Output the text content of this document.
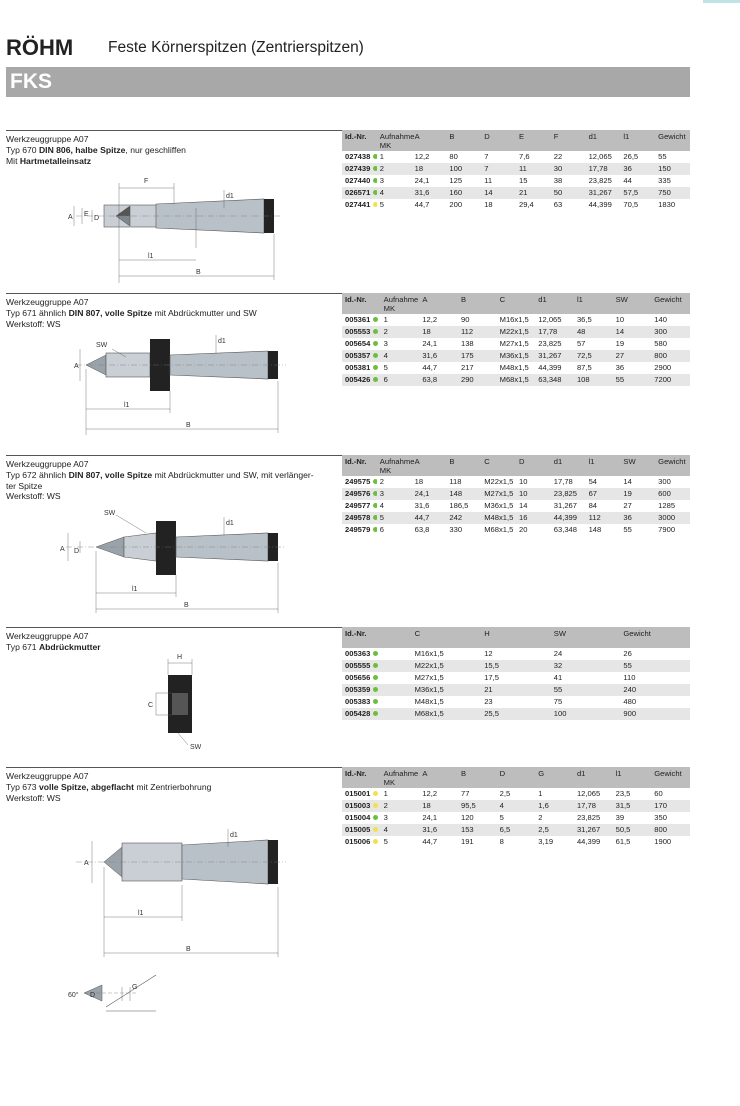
RÖHM Feste Körnerspitzen (Zentrierspitzen)
FKS
Werkzeuggruppe A07
Typ 670 DIN 806, halbe Spitze, nur geschliffen
Mit Hartmetalleinsatz
Id.-Nr.	Aufnahme MK	A	B	D	E	F	d1	l1	Gewicht
027438	1	12,2	80	7	7,6	22	12,065	26,5	55
027439	2	18	100	7	11	30	17,78	36	150
027440	3	24,1	125	11	15	38	23,825	44	335
026571	4	31,6	160	14	21	50	31,267	57,5	750
027441	5	44,7	200	18	29,4	63	44,399	70,5	1830
A E
D
F
d1
l1
B
Werkzeuggruppe A07
Typ 671 ähnlich DIN 807, volle Spitze mit Abdrückmutter und SW
Werkstoff: WS
Id.-Nr.	Aufnahme MK	A	B	C	d1	l1	SW	Gewicht
005361	1	12,2	90	M16x1,5	12,065	36,5	10	140
005553	2	18	112	M22x1,5	17,78	48	14	300
005654	3	24,1	138	M27x1,5	23,825	57	19	580
005357	4	31,6	175	M36x1,5	31,267	72,5	27	800
005381	5	44,7	217	M48x1,5	44,399	87,5	36	2900
005426	6	63,8	290	M68x1,5	63,348	108	55	7200
A
SW
d1
l1
B
Werkzeuggruppe A07
Typ 672 ähnlich DIN 807, volle Spitze mit Abdrückmutter und SW, mit verlänger-
ter Spitze
Werkstoff: WS
Id.-Nr.	Aufnahme MK	A	B	C	D	d1	l1	SW	Gewicht
249575	2	18	118	M22x1,5	10	17,78	54	14	300
249576	3	24,1	148	M27x1,5	10	23,825	67	19	600
249577	4	31,6	186,5	M36x1,5	14	31,267	84	27	1285
249578	5	44,7	242	M48x1,5	16	44,399	112	36	3000
249579	6	63,8	330	M68x1,5	20	63,348	148	55	7900
A D
SW
d1
l1
B
Werkzeuggruppe A07
Typ 671 Abdrückmutter
Id.-Nr.	C	H	SW	Gewicht
005363	M16x1,5	12	24	26
005555	M22x1,5	15,5	32	55
005656	M27x1,5	17,5	41	110
005359	M36x1,5	21	55	240
005383	M48x1,5	23	75	480
005428	M68x1,5	25,5	100	900
H
C
SW
Werkzeuggruppe A07
Typ 673 volle Spitze, abgeflacht mit Zentrierbohrung
Werkstoff: WS
Id.-Nr.	Aufnahme MK	A	B	D	G	d1	l1	Gewicht
015001	1	12,2	77	2,5	1	12,065	23,5	60
015003	2	18	95,5	4	1,6	17,78	31,5	170
015004	3	24,1	120	5	2	23,825	39	350
015005	4	31,6	153	6,5	2,5	31,267	50,5	800
015006	5	44,7	191	8	3,19	44,399	61,5	1900
A
d1
l1
B
60° D
G
